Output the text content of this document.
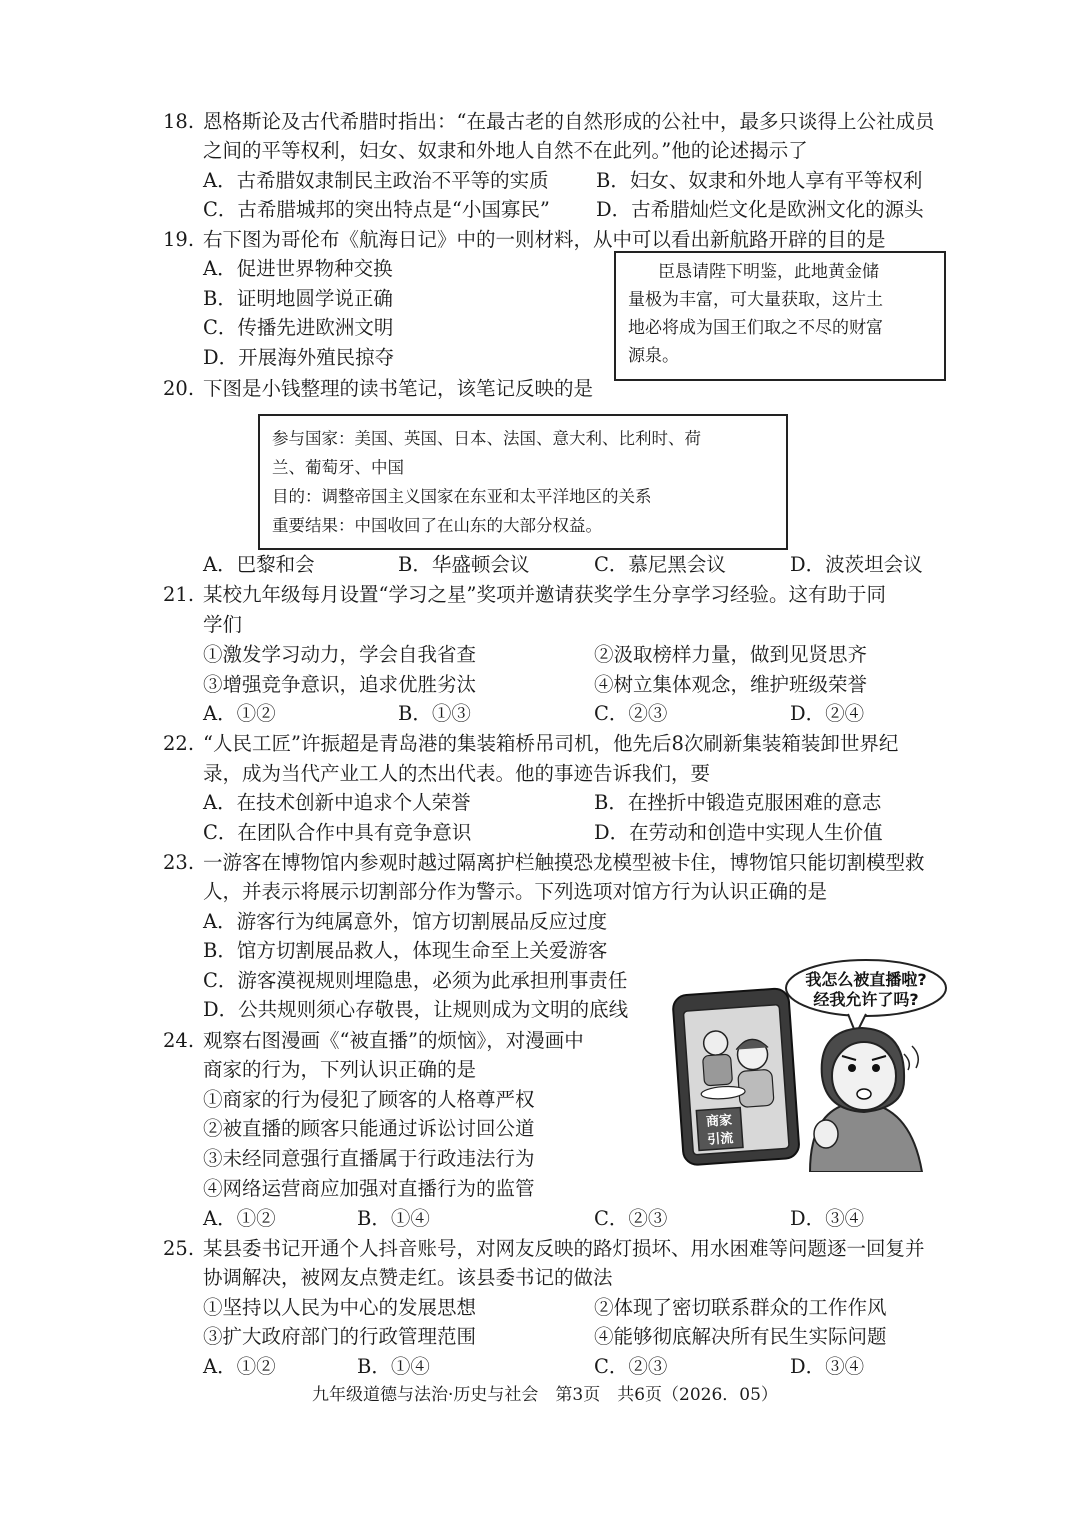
18. 恩格斯论及古代希腊时指出：“在最古老的自然形成的公社中，最多只谈得上公社成员
之间的平等权利，妇女、奴隶和外地人自然不在此列。”他的论述揭示了
A．古希腊奴隶制民主政治不平等的实质 B．妇女、奴隶和外地人享有平等权利
C．古希腊城邦的突出特点是“小国寡民” D．古希腊灿烂文化是欧洲文化的源头
19. 右下图为哥伦布《航海日记》中的一则材料，从中可以看出新航路开辟的目的是
A．促进世界物种交换
B．证明地圆学说正确
C．传播先进欧洲文明
D．开展海外殖民掠夺
臣恳请陛下明鉴，此地黄金储
量极为丰富，可大量获取，这片土
地必将成为国王们取之不尽的财富
源泉。
20. 下图是小钱整理的读书笔记，该笔记反映的是
参与国家：美国、英国、日本、法国、意大利、比利时、荷
兰、葡萄牙、中国
目的：调整帝国主义国家在东亚和太平洋地区的关系
重要结果：中国收回了在山东的大部分权益。
A．巴黎和会	B．华盛顿会议	C．慕尼黑会议	D．波茨坦会议
21. 某校九年级每月设置“学习之星”奖项并邀请获奖学生分享学习经验。这有助于同
学们
①激发学习动力，学会自我省查	②汲取榜样力量，做到见贤思齐
③增强竞争意识，追求优胜劣汰	④树立集体观念，维护班级荣誉
A．①②	B．①③	C．②③	D．②④
22. “人民工匠”许振超是青岛港的集装箱桥吊司机，他先后8次刷新集装箱装卸世界纪
录，成为当代产业工人的杰出代表。他的事迹告诉我们，要
A．在技术创新中追求个人荣誉	B．在挫折中锻造克服困难的意志
C．在团队合作中具有竞争意识	D．在劳动和创造中实现人生价值
23. 一游客在博物馆内参观时越过隔离护栏触摸恐龙模型被卡住，博物馆只能切割模型救
人，并表示将展示切割部分作为警示。下列选项对馆方行为认识正确的是
A．游客行为纯属意外，馆方切割展品反应过度
B．馆方切割展品救人，体现生命至上关爱游客
C．游客漠视规则埋隐患，必须为此承担刑事责任
D．公共规则须心存敬畏，让规则成为文明的底线
24. 观察右图漫画《“被直播”的烦恼》，对漫画中
商家的行为，下列认识正确的是
①商家的行为侵犯了顾客的人格尊严权
②被直播的顾客只能通过诉讼讨回公道
③未经同意强行直播属于行政违法行为
④网络运营商应加强对直播行为的监管
A．①②	B．①④	C．②③	D．③④
我怎么被直播啦?
经我允许了吗?
商家
引流
25. 某县委书记开通个人抖音账号，对网友反映的路灯损坏、用水困难等问题逐一回复并
协调解决，被网友点赞走红。该县委书记的做法
①坚持以人民为中心的发展思想	②体现了密切联系群众的工作作风
③扩大政府部门的行政管理范围	④能够彻底解决所有民生实际问题
A．①②	B．①④	C．②③	D．③④
九年级道德与法治·历史与社会　第3页　共6页（2026．05）
